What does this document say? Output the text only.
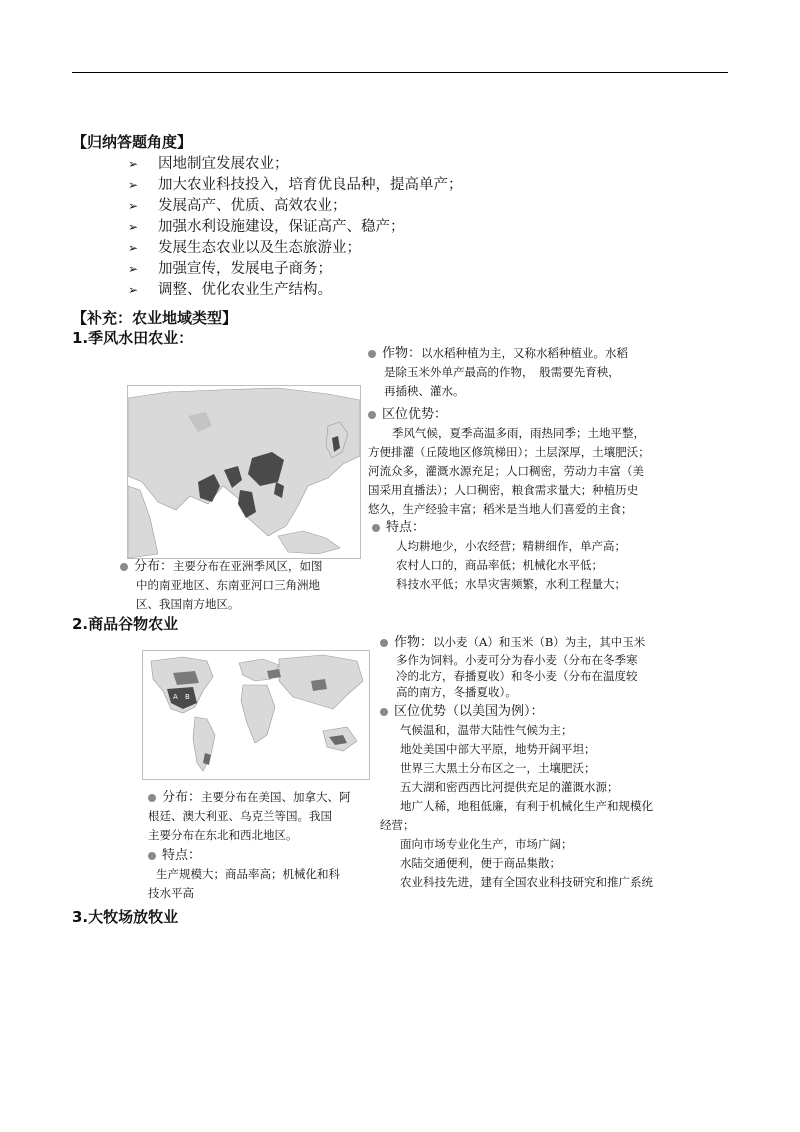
【归纳答题角度】
➢ 因地制宜发展农业；
➢ 加大农业科技投入，培育优良品种，提高单产；
➢ 发展高产、优质、高效农业；
➢ 加强水利设施建设，保证高产、稳产；
➢ 发展生态农业以及生态旅游业；
➢ 加强宣传，发展电子商务；
➢ 调整、优化农业生产结构。
【补充：农业地域类型】
1.季风水田农业：
作物：以水稻种植为主，又称水稻种植业。水稻
是除玉米外单产最高的作物，　般需要先育秧，
再插秧、灌水。
区位优势：
季风气候，夏季高温多雨，雨热同季；土地平整，
方便排灌（丘陵地区修筑梯田）；土层深厚，土壤肥沃；
河流众多，灌溉水源充足；人口稠密，劳动力丰富（美
国采用直播法）；人口稠密，粮食需求量大；种植历史
悠久，生产经验丰富；稻米是当地人们喜爱的主食；
特点：
人均耕地少，小农经营；精耕细作，单产高；
农村人口的，商品率低；机械化水平低；
科技水平低；水旱灾害频繁，水利工程量大；
分布：主要分布在亚洲季风区，如图
中的南亚地区、东南亚河口三角洲地
区、我国南方地区。
2.商品谷物农业
作物：以小麦（A）和玉米（B）为主，其中玉米
多作为饲料。小麦可分为春小麦（分布在冬季寒
冷的北方，春播夏收）和冬小麦（分布在温度较
高的南方，冬播夏收）。
区位优势（以美国为例）：
气候温和，温带大陆性气候为主；
地处美国中部大平原，地势开阔平坦；
世界三大黑土分布区之一，土壤肥沃；
五大湖和密西西比河提供充足的灌溉水源；
地广人稀，地租低廉，有利于机械化生产和规模化
经营；
面向市场专业化生产，市场广阔；
水陆交通便利，便于商品集散；
农业科技先进，建有全国农业科技研究和推广系统
A B
分布：主要分布在美国、加拿大、阿
根廷、澳大利亚、乌克兰等国。我国
主要分布在东北和西北地区。
特点：
生产规模大；商品率高；机械化和科
技水平高
3.大牧场放牧业
